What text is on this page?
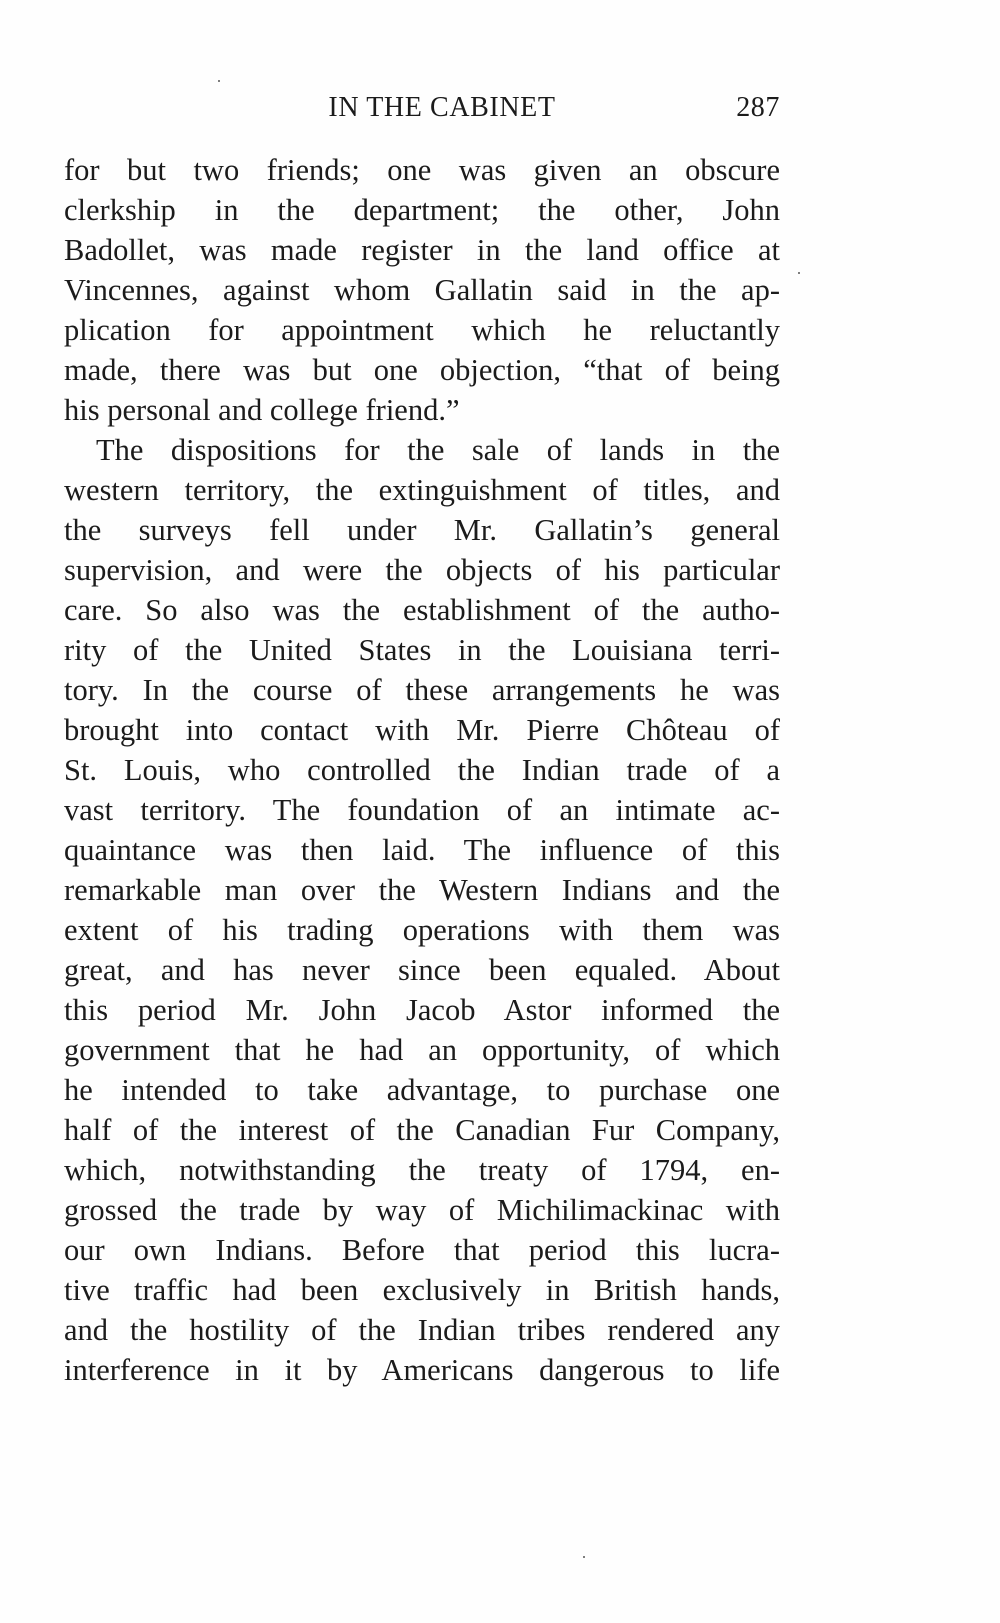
IN THE CABINET	287
for but two friends; one was given an obscure
clerkship in the department; the other, John
Badollet, was made register in the land office at
Vincennes, against whom Gallatin said in the ap-
plication for appointment which he reluctantly
made, there was but one objection, “that of being
his personal and college friend.”
The dispositions for the sale of lands in the
western territory, the extinguishment of titles, and
the surveys fell under Mr. Gallatin’s general
supervision, and were the objects of his particular
care. So also was the establishment of the autho-
rity of the United States in the Louisiana terri-
tory. In the course of these arrangements he was
brought into contact with Mr. Pierre Chôteau of
St. Louis, who controlled the Indian trade of a
vast territory. The foundation of an intimate ac-
quaintance was then laid. The influence of this
remarkable man over the Western Indians and the
extent of his trading operations with them was
great, and has never since been equaled. About
this period Mr. John Jacob Astor informed the
government that he had an opportunity, of which
he intended to take advantage, to purchase one
half of the interest of the Canadian Fur Company,
which, notwithstanding the treaty of 1794, en-
grossed the trade by way of Michilimackinac with
our own Indians. Before that period this lucra-
tive traffic had been exclusively in British hands,
and the hostility of the Indian tribes rendered any
interference in it by Americans dangerous to life
